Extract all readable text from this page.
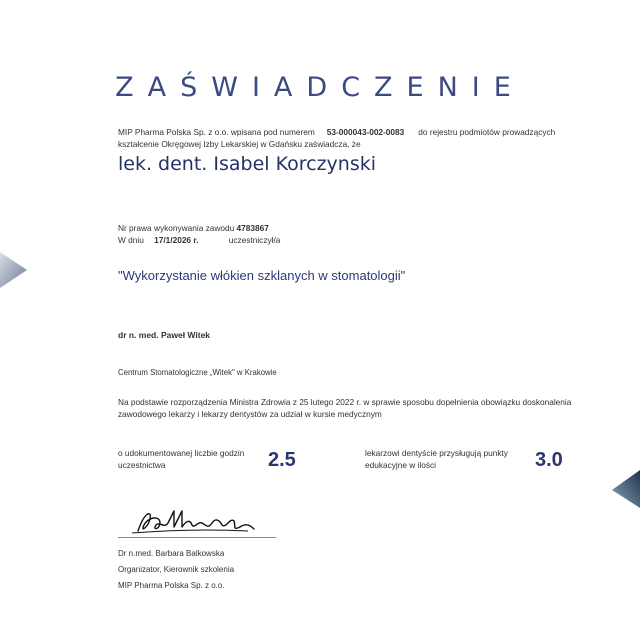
ZAŚWIADCZENIE
MIP Pharma Polska Sp. z o.o. wpisana pod numerem 53-000043-002-0083 do rejestru podmiotów prowadzących kształcenie Okręgowej Izby Lekarskiej w Gdańsku zaświadcza, że
lek. dent. Isabel Korczynski
Nr prawa wykonywania zawodu 4783867
W dniu 17/1/2026 r.	uczestniczył/a
"Wykorzystanie włókien szklanych w stomatologii"
dr n. med. Paweł Witek
Centrum Stomatologiczne „Witek" w Krakowie
Na podstawie rozporządzenia Ministra Zdrowia z 25 lutego 2022 r. w sprawie sposobu dopełnienia obowiązku doskonalenia zawodowego lekarzy i lekarzy dentystów za udział w kursie medycznym
o udokumentowanej liczbie godzin uczestnictwa	2.5	lekarzowi dentyście przysługują punkty edukacyjne w ilości	3.0
Dr n.med. Barbara Balkowska
Organizator, Kierownik szkolenia
MIP Pharma Polska Sp. z o.o.
